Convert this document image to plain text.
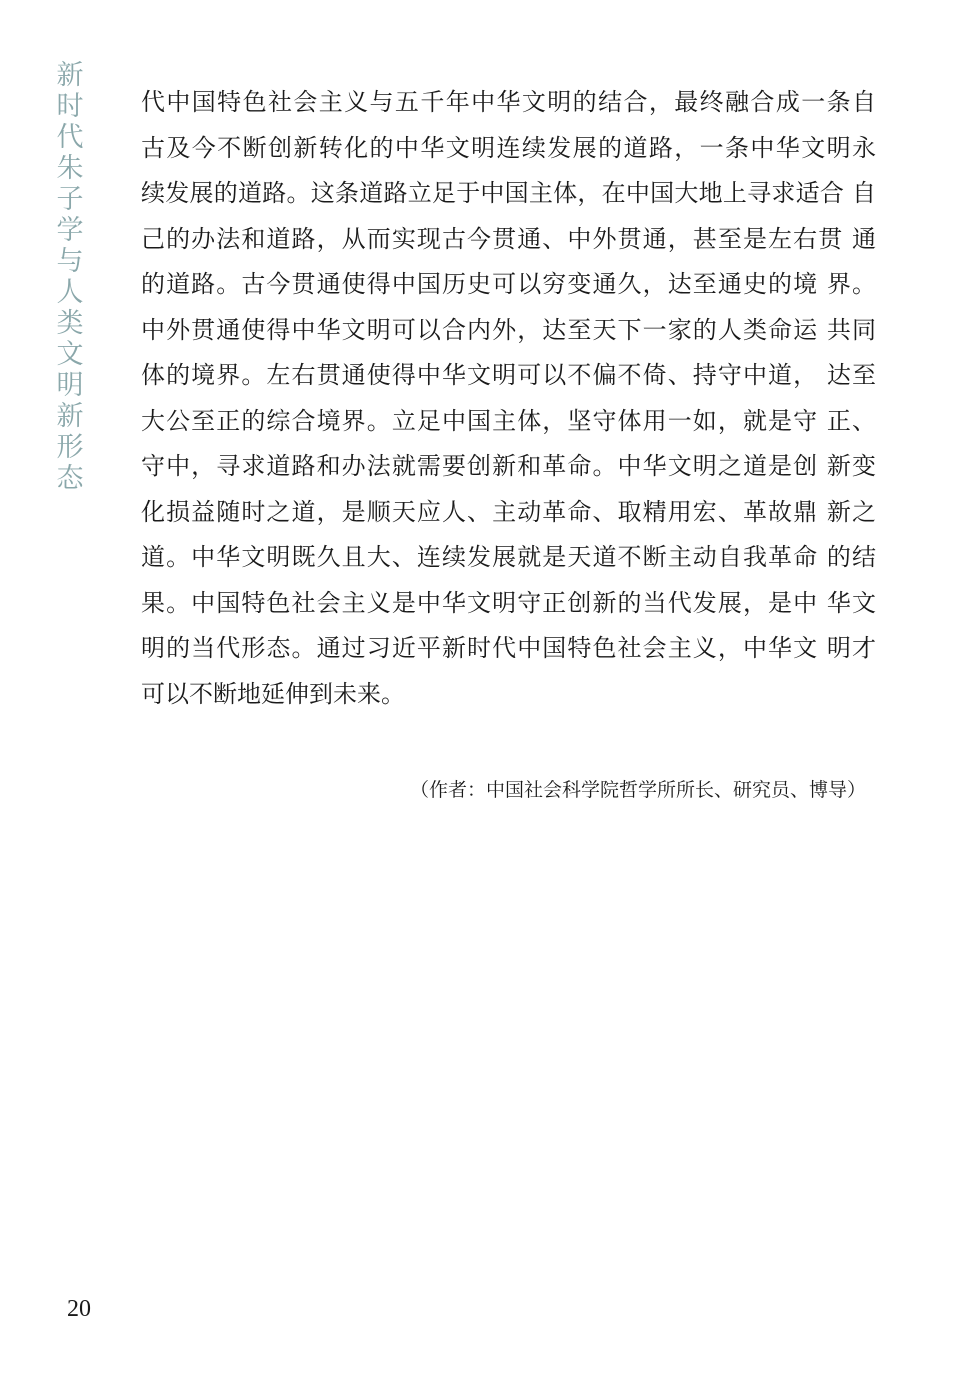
新
时
代
朱
子
学
与
人
类
文
明
新
形
态
代中国特色社会主义与五千年中华文明的结合，最终融合成一条自
古及今不断创新转化的中华文明连续发展的道路，一条中华文明永
续发展的道路。这条道路立足于中国主体，在中国大地上寻求适合 自
己的办法和道路，从而实现古今贯通、中外贯通，甚至是左右贯 通
的道路。古今贯通使得中国历史可以穷变通久，达至通史的境 界。
中外贯通使得中华文明可以合内外，达至天下一家的人类命运 共同
体的境界。左右贯通使得中华文明可以不偏不倚、持守中道， 达至
大公至正的综合境界。立足中国主体，坚守体用一如，就是守 正、
守中，寻求道路和办法就需要创新和革命。中华文明之道是创 新变
化损益随时之道，是顺天应人、主动革命、取精用宏、革故鼎 新之
道。中华文明既久且大、连续发展就是天道不断主动自我革命 的结
果。中国特色社会主义是中华文明守正创新的当代发展，是中 华文
明的当代形态。通过习近平新时代中国特色社会主义，中华文 明才
可以不断地延伸到未来。
（作者：中国社会科学院哲学所所长、研究员、博导）
20
